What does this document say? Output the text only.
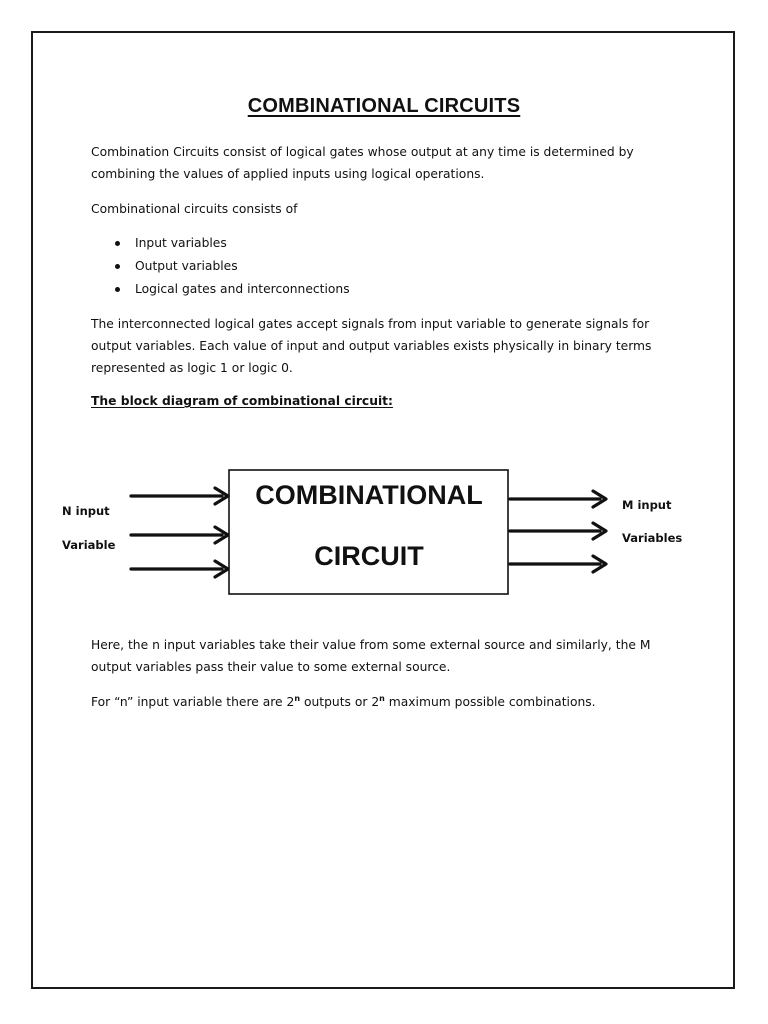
COMBINATIONAL CIRCUITS

Combination Circuits consist of logical gates whose output at any time is determined by combining the values of applied inputs using logical operations.

Combinational circuits consists of

Input variables
Output variables
Logical gates and interconnections

The interconnected logical gates accept signals from input variable to generate signals for output variables. Each value of input and output variables exists physically in binary terms represented as logic 1 or logic 0.

The block diagram of combinational circuit:
COMBINATIONAL
CIRCUIT
N input
Variable
M input
Variables

Here, the n input variables take their value from some external source and similarly, the M output variables pass their value to some external source.

For “n” input variable there are 2$^n$ outputs or 2$^n$ maximum possible combinations.
